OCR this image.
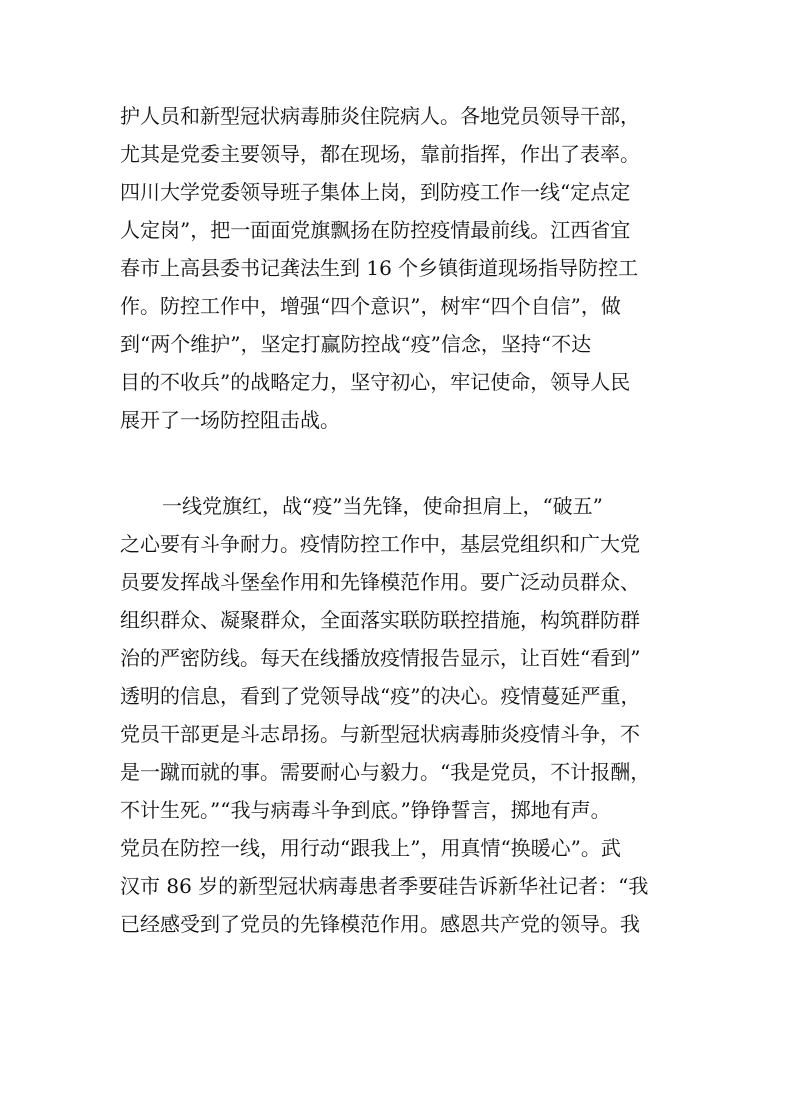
护人员和新型冠状病毒肺炎住院病人。各地党员领导干部，
尤其是党委主要领导，都在现场，靠前指挥，作出了表率。
四川大学党委领导班子集体上岗，到防疫工作一线“定点定
人定岗”，把一面面党旗飘扬在防控疫情最前线。江西省宜
春市上高县委书记龚法生到 16 个乡镇街道现场指导防控工
作。防控工作中，增强“四个意识”，树牢“四个自信”，做
到“两个维护”，坚定打赢防控战“疫”信念，坚持“不达
目的不收兵”的战略定力，坚守初心，牢记使命，领导人民
展开了一场防控阻击战。
一线党旗红，战“疫”当先锋，使命担肩上，“破五”
之心要有斗争耐力。疫情防控工作中，基层党组织和广大党
员要发挥战斗堡垒作用和先锋模范作用。要广泛动员群众、
组织群众、凝聚群众，全面落实联防联控措施，构筑群防群
治的严密防线。每天在线播放疫情报告显示，让百姓“看到”
透明的信息，看到了党领导战“疫”的决心。疫情蔓延严重，
党员干部更是斗志昂扬。与新型冠状病毒肺炎疫情斗争，不
是一蹴而就的事。需要耐心与毅力。“我是党员，不计报酬，
不计生死。”“我与病毒斗争到底。”铮铮誓言，掷地有声。
党员在防控一线，用行动“跟我上”，用真情“换暖心”。武
汉市 86 岁的新型冠状病毒患者季要硅告诉新华社记者：“我
已经感受到了党员的先锋模范作用。感恩共产党的领导。我
